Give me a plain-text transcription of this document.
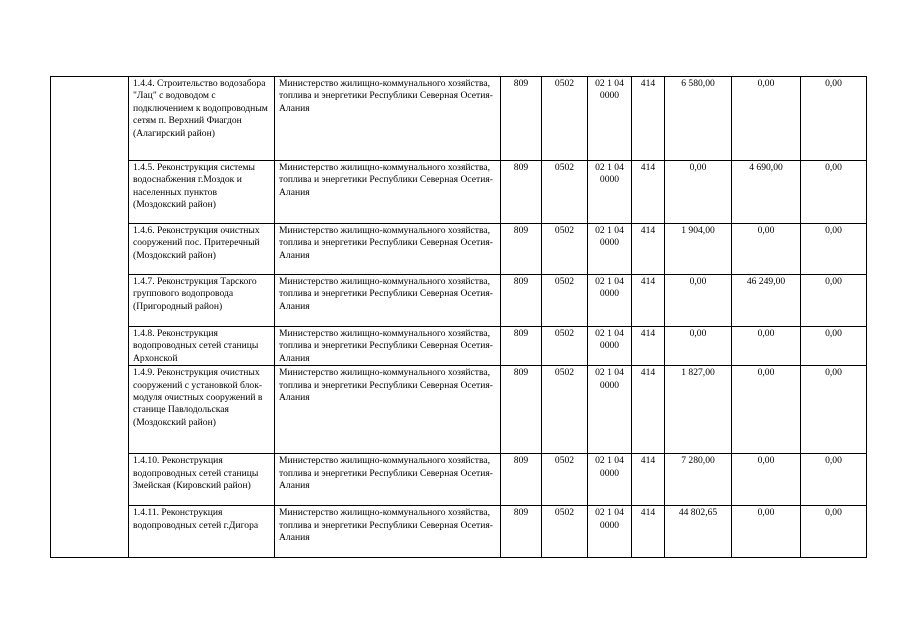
	1.4.4. Строительство водозабора "Лац" с водоводом с подключением к водопроводным сетям п. Верхний Фиагдон (Алагирский район)	Министерство жилищно-коммунального хозяйства, топлива и энергетики Республики Северная Осетия-Алания	809	0502	02 1 04 0000	414	6 580,00	0,00	0,00
	1.4.5. Реконструкция системы водоснабжения г.Моздок и населенных пунктов (Моздокский район)	Министерство жилищно-коммунального хозяйства, топлива и энергетики Республики Северная Осетия-Алания	809	0502	02 1 04 0000	414	0,00	4 690,00	0,00
	1.4.6. Реконструкция очистных сооружений пос. Притеречный (Моздокский район)	Министерство жилищно-коммунального хозяйства, топлива и энергетики Республики Северная Осетия-Алания	809	0502	02 1 04 0000	414	1 904,00	0,00	0,00
	1.4.7. Реконструкция Тарского группового водопровода (Пригородный район)	Министерство жилищно-коммунального хозяйства, топлива и энергетики Республики Северная Осетия-Алания	809	0502	02 1 04 0000	414	0,00	46 249,00	0,00
	1.4.8. Реконструкция водопроводных сетей станицы Архонской	Министерство жилищно-коммунального хозяйства, топлива и энергетики Республики Северная Осетия-Алания	809	0502	02 1 04 0000	414	0,00	0,00	0,00
	1.4.9. Реконструкция очистных сооружений с установкой блок-модуля очистных сооружений в станице Павлодольская (Моздокский район)	Министерство жилищно-коммунального хозяйства, топлива и энергетики Республики Северная Осетия-Алания	809	0502	02 1 04 0000	414	1 827,00	0,00	0,00
	1.4.10. Реконструкция водопроводных сетей станицы Змейская (Кировский район)	Министерство жилищно-коммунального хозяйства, топлива и энергетики Республики Северная Осетия-Алания	809	0502	02 1 04 0000	414	7 280,00	0,00	0,00
	1.4.11. Реконструкция водопроводных сетей г.Дигора	Министерство жилищно-коммунального хозяйства, топлива и энергетики Республики Северная Осетия-Алания	809	0502	02 1 04 0000	414	44 802,65	0,00	0,00
